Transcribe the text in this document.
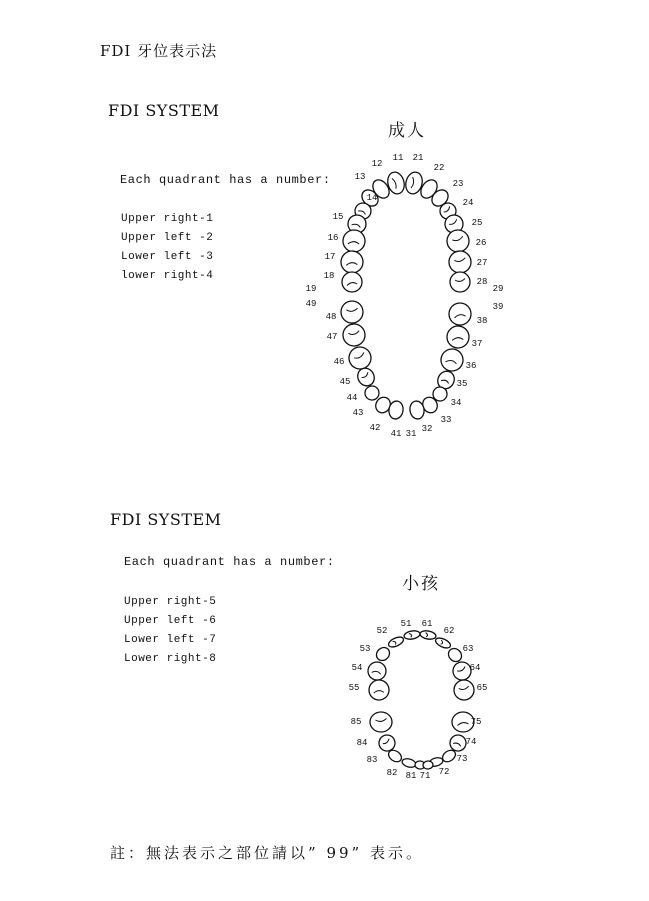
FDI 牙位表示法
FDI SYSTEM
成人
Each quadrant has a number:
Upper right-1
Upper left -2
Lower left -3
lower right-4
FDI SYSTEM
Each quadrant has a number:
小孩
Upper right-5
Upper left -6
Lower left -7
Lower right-8
11 21
12	22
13
23
14	24
15
25
16	26
17
27
18
28
19	29
49	39
48	38
47
37
46	36
45	35
44	34
43
33
42	32
41 31
51 61
52	62
53	63
54	64
55	65
85	75
84	74
83	73
82	72
81 71
註：無法表示之部位請以” 99” 表示。
